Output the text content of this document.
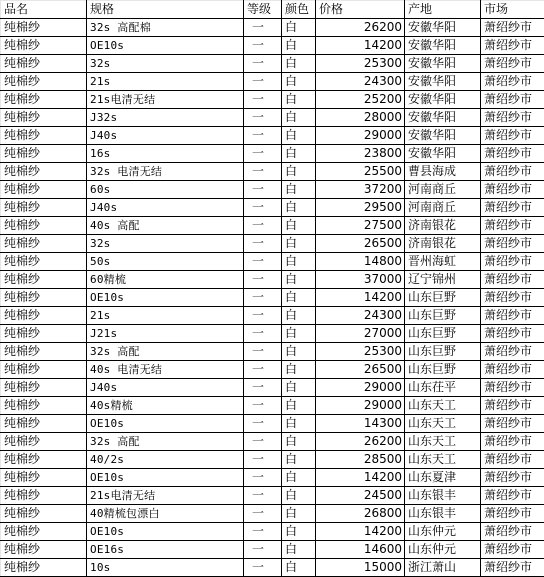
品名	规格	等级	颜色	价格	产地	市场
纯棉纱	32s 高配棉	一	白	26200	安徽华阳	萧绍纱市
纯棉纱	OE10s	一	白	14200	安徽华阳	萧绍纱市
纯棉纱	32s	一	白	25300	安徽华阳	萧绍纱市
纯棉纱	21s	一	白	24300	安徽华阳	萧绍纱市
纯棉纱	21s电清无结	一	白	25200	安徽华阳	萧绍纱市
纯棉纱	J32s	一	白	28000	安徽华阳	萧绍纱市
纯棉纱	J40s	一	白	29000	安徽华阳	萧绍纱市
纯棉纱	16s	一	白	23800	安徽华阳	萧绍纱市
纯棉纱	32s 电清无结	一	白	25500	曹县海成	萧绍纱市
纯棉纱	60s	一	白	37200	河南商丘	萧绍纱市
纯棉纱	J40s	一	白	29500	河南商丘	萧绍纱市
纯棉纱	40s 高配	一	白	27500	济南银花	萧绍纱市
纯棉纱	32s	一	白	26500	济南银花	萧绍纱市
纯棉纱	50s	一	白	14800	晋州海虹	萧绍纱市
纯棉纱	60精梳	一	白	37000	辽宁锦州	萧绍纱市
纯棉纱	OE10s	一	白	14200	山东巨野	萧绍纱市
纯棉纱	21s	一	白	24300	山东巨野	萧绍纱市
纯棉纱	J21s	一	白	27000	山东巨野	萧绍纱市
纯棉纱	32s 高配	一	白	25300	山东巨野	萧绍纱市
纯棉纱	40s 电清无结	一	白	26500	山东巨野	萧绍纱市
纯棉纱	J40s	一	白	29000	山东茌平	萧绍纱市
纯棉纱	40s精梳	一	白	29000	山东天工	萧绍纱市
纯棉纱	OE10s	一	白	14300	山东天工	萧绍纱市
纯棉纱	32s 高配	一	白	26200	山东天工	萧绍纱市
纯棉纱	40/2s	一	白	28500	山东天工	萧绍纱市
纯棉纱	OE10s	一	白	14200	山东夏津	萧绍纱市
纯棉纱	21s电清无结	一	白	24500	山东银丰	萧绍纱市
纯棉纱	40精梳包漂白	一	白	26800	山东银丰	萧绍纱市
纯棉纱	OE10s	一	白	14200	山东仲元	萧绍纱市
纯棉纱	OE16s	一	白	14600	山东仲元	萧绍纱市
纯棉纱	10s	一	白	15000	浙江萧山	萧绍纱市
